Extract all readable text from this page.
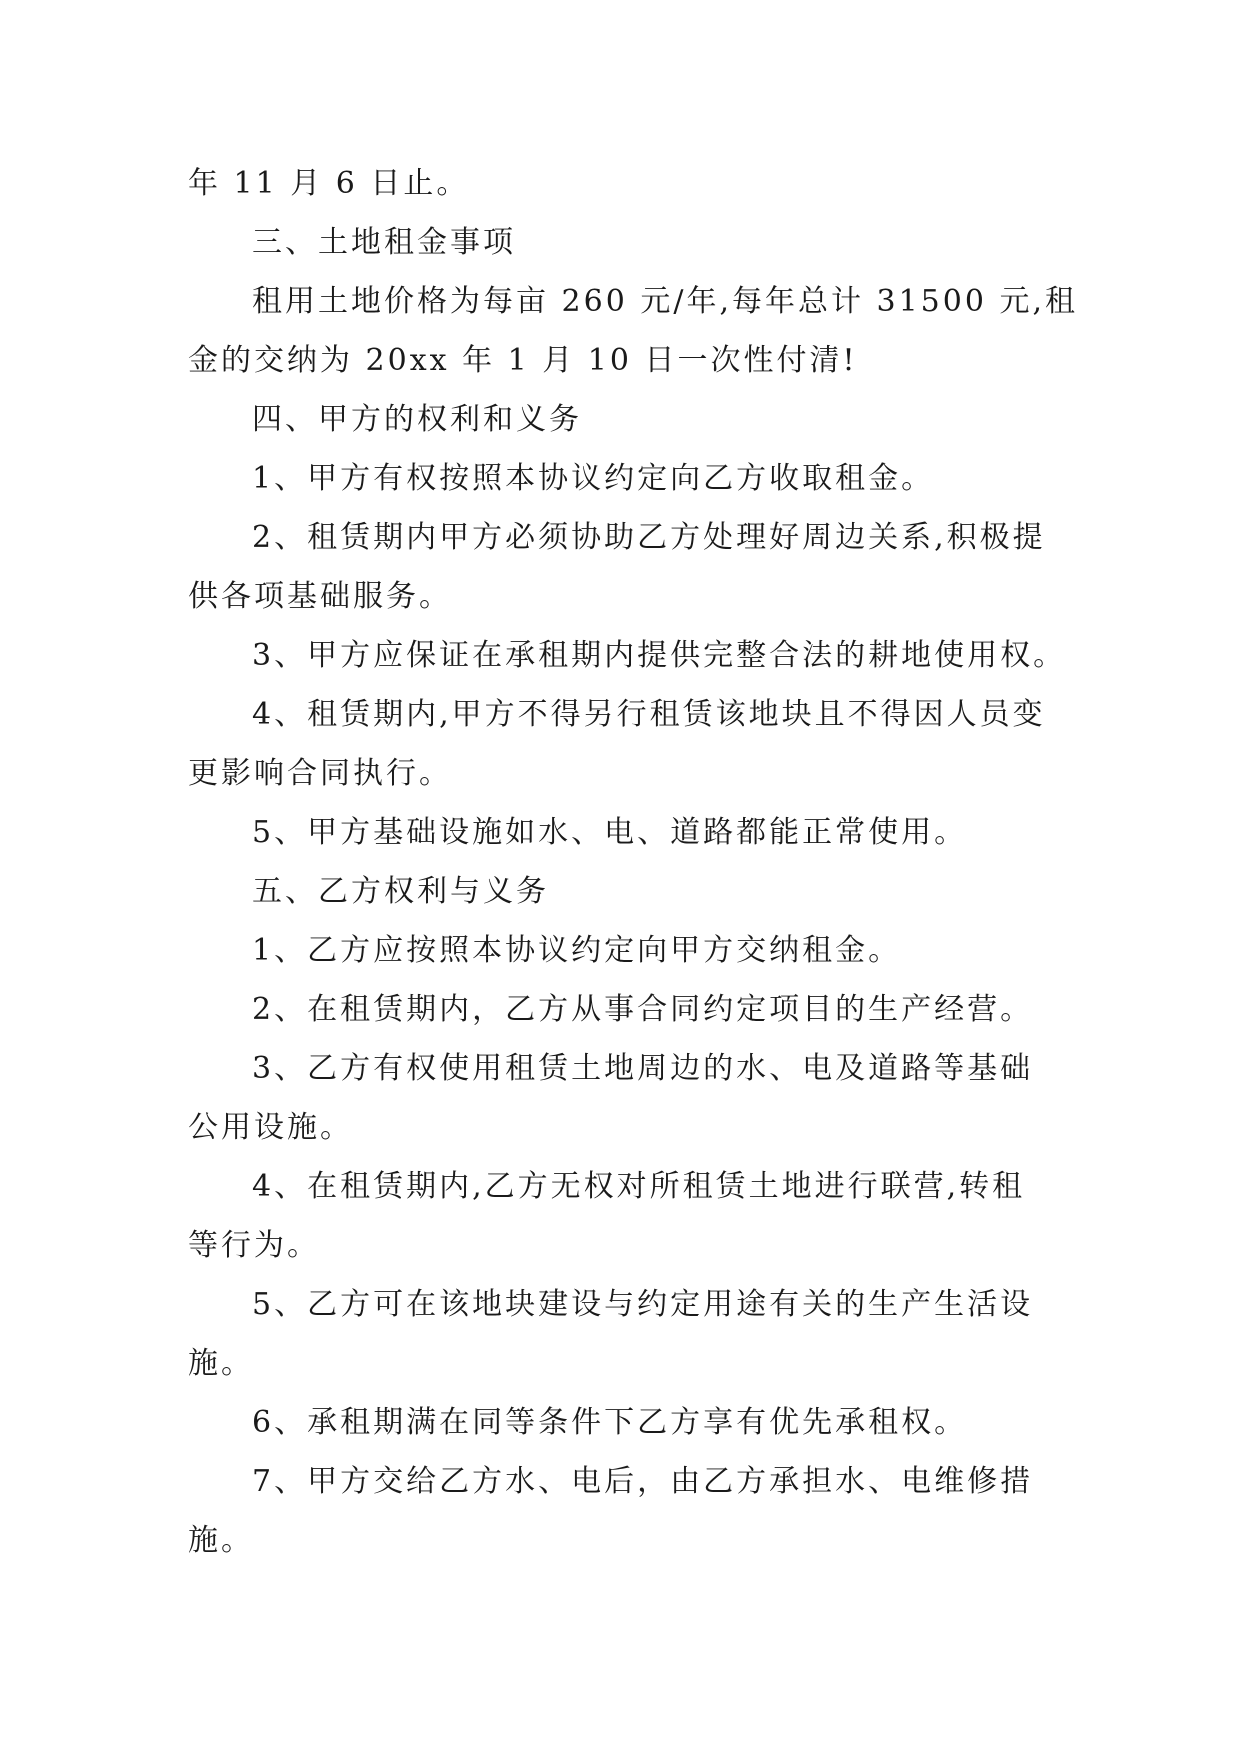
年 11 月 6 日止。
三、土地租金事项
租用土地价格为每亩 260 元/年,每年总计 31500 元,租
金的交纳为 20xx 年 1 月 10 日一次性付清!
四、甲方的权利和义务
1、甲方有权按照本协议约定向乙方收取租金。
2、租赁期内甲方必须协助乙方处理好周边关系,积极提
供各项基础服务。
3、甲方应保证在承租期内提供完整合法的耕地使用权。
4、租赁期内,甲方不得另行租赁该地块且不得因人员变
更影响合同执行。
5、甲方基础设施如水、电、道路都能正常使用。
五、乙方权利与义务
1、乙方应按照本协议约定向甲方交纳租金。
2、在租赁期内，乙方从事合同约定项目的生产经营。
3、乙方有权使用租赁土地周边的水、电及道路等基础
公用设施。
4、在租赁期内,乙方无权对所租赁土地进行联营,转租
等行为。
5、乙方可在该地块建设与约定用途有关的生产生活设
施。
6、承租期满在同等条件下乙方享有优先承租权。
7、甲方交给乙方水、电后，由乙方承担水、电维修措
施。
